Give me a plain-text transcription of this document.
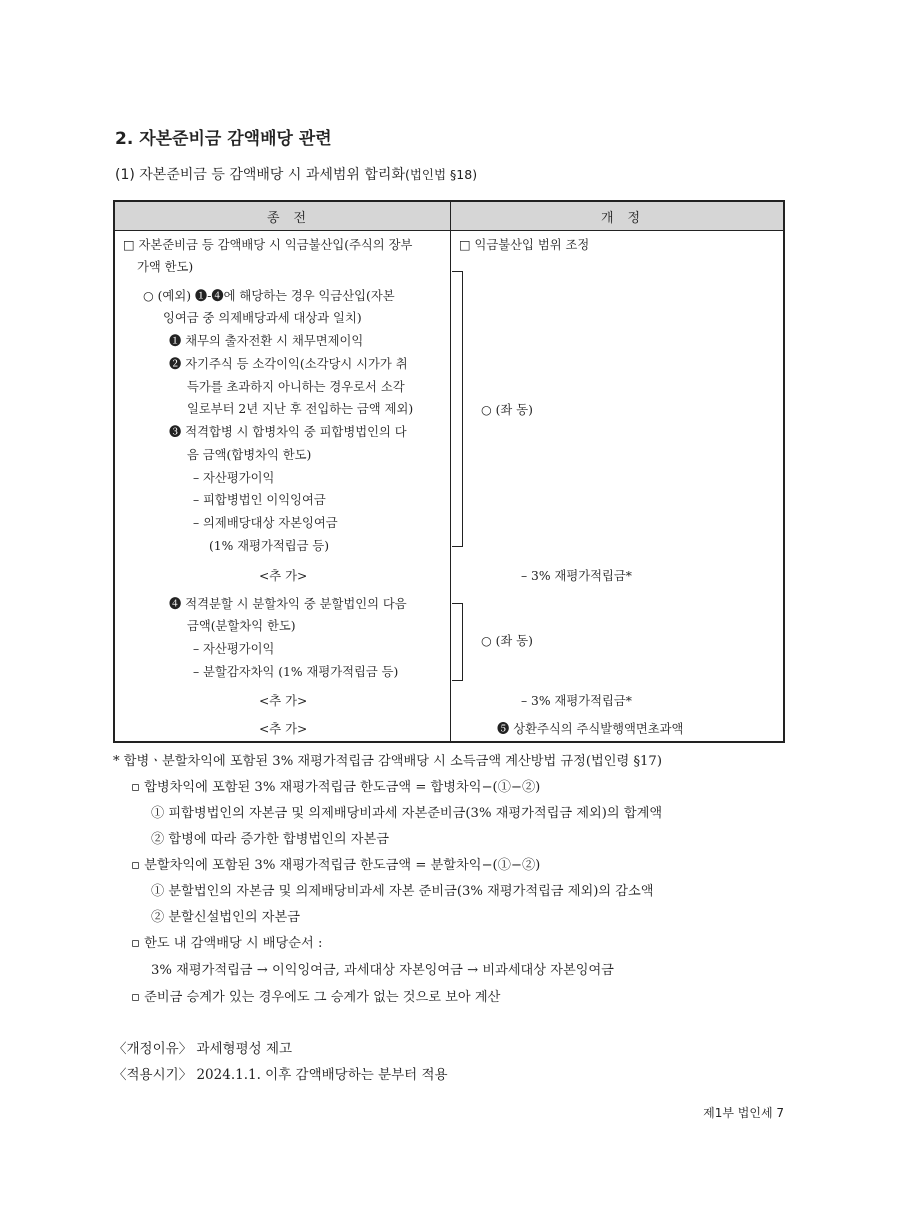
2. 자본준비금 감액배당 관련
(1) 자본준비금 등 감액배당 시 과세범위 합리화(법인법 §18)
종전	개정
□ 자본준비금 등 감액배당 시 익금불산입(주식의 장부
가액 한도)
○ (예외) ❶-❹에 해당하는 경우 익금산입(자본
잉여금 중 의제배당과세 대상과 일치)
❶ 채무의 출자전환 시 채무면제이익
❷ 자기주식 등 소각이익(소각당시 시가가 취
득가를 초과하지 아니하는 경우로서 소각
일로부터 2년 지난 후 전입하는 금액 제외)
❸ 적격합병 시 합병차익 중 피합병법인의 다
음 금액(합병차익 한도)
– 자산평가이익
– 피합병법인 이익잉여금
– 의제배당대상 자본잉여금
(1% 재평가적립금 등)
<추 가>
❹ 적격분할 시 분할차익 중 분할법인의 다음
금액(분할차익 한도)
– 자산평가이익
– 분할감자차익 (1% 재평가적립금 등)
<추 가>
<추 가>
□ 익금불산입 범위 조정
○ (좌 동)
– 3% 재평가적립금*
○ (좌 동)
– 3% 재평가적립금*
❺ 상환주식의 주식발행액면초과액
* 합병ㆍ분할차익에 포함된 3% 재평가적립금 감액배당 시 소득금액 계산방법 규정(법인령 §17)
▫ 합병차익에 포함된 3% 재평가적립금 한도금액 = 합병차익−(①−②)
① 피합병법인의 자본금 및 의제배당비과세 자본준비금(3% 재평가적립금 제외)의 합계액
② 합병에 따라 증가한 합병법인의 자본금
▫ 분할차익에 포함된 3% 재평가적립금 한도금액 = 분할차익−(①−②)
① 분할법인의 자본금 및 의제배당비과세 자본 준비금(3% 재평가적립금 제외)의 감소액
② 분할신설법인의 자본금
▫ 한도 내 감액배당 시 배당순서 :
3% 재평가적립금 → 이익잉여금, 과세대상 자본잉여금 → 비과세대상 자본잉여금
▫ 준비금 승계가 있는 경우에도 그 승계가 없는 것으로 보아 계산
〈개정이유〉 과세형평성 제고
〈적용시기〉 2024.1.1. 이후 감액배당하는 분부터 적용
제1부 법인세 7
